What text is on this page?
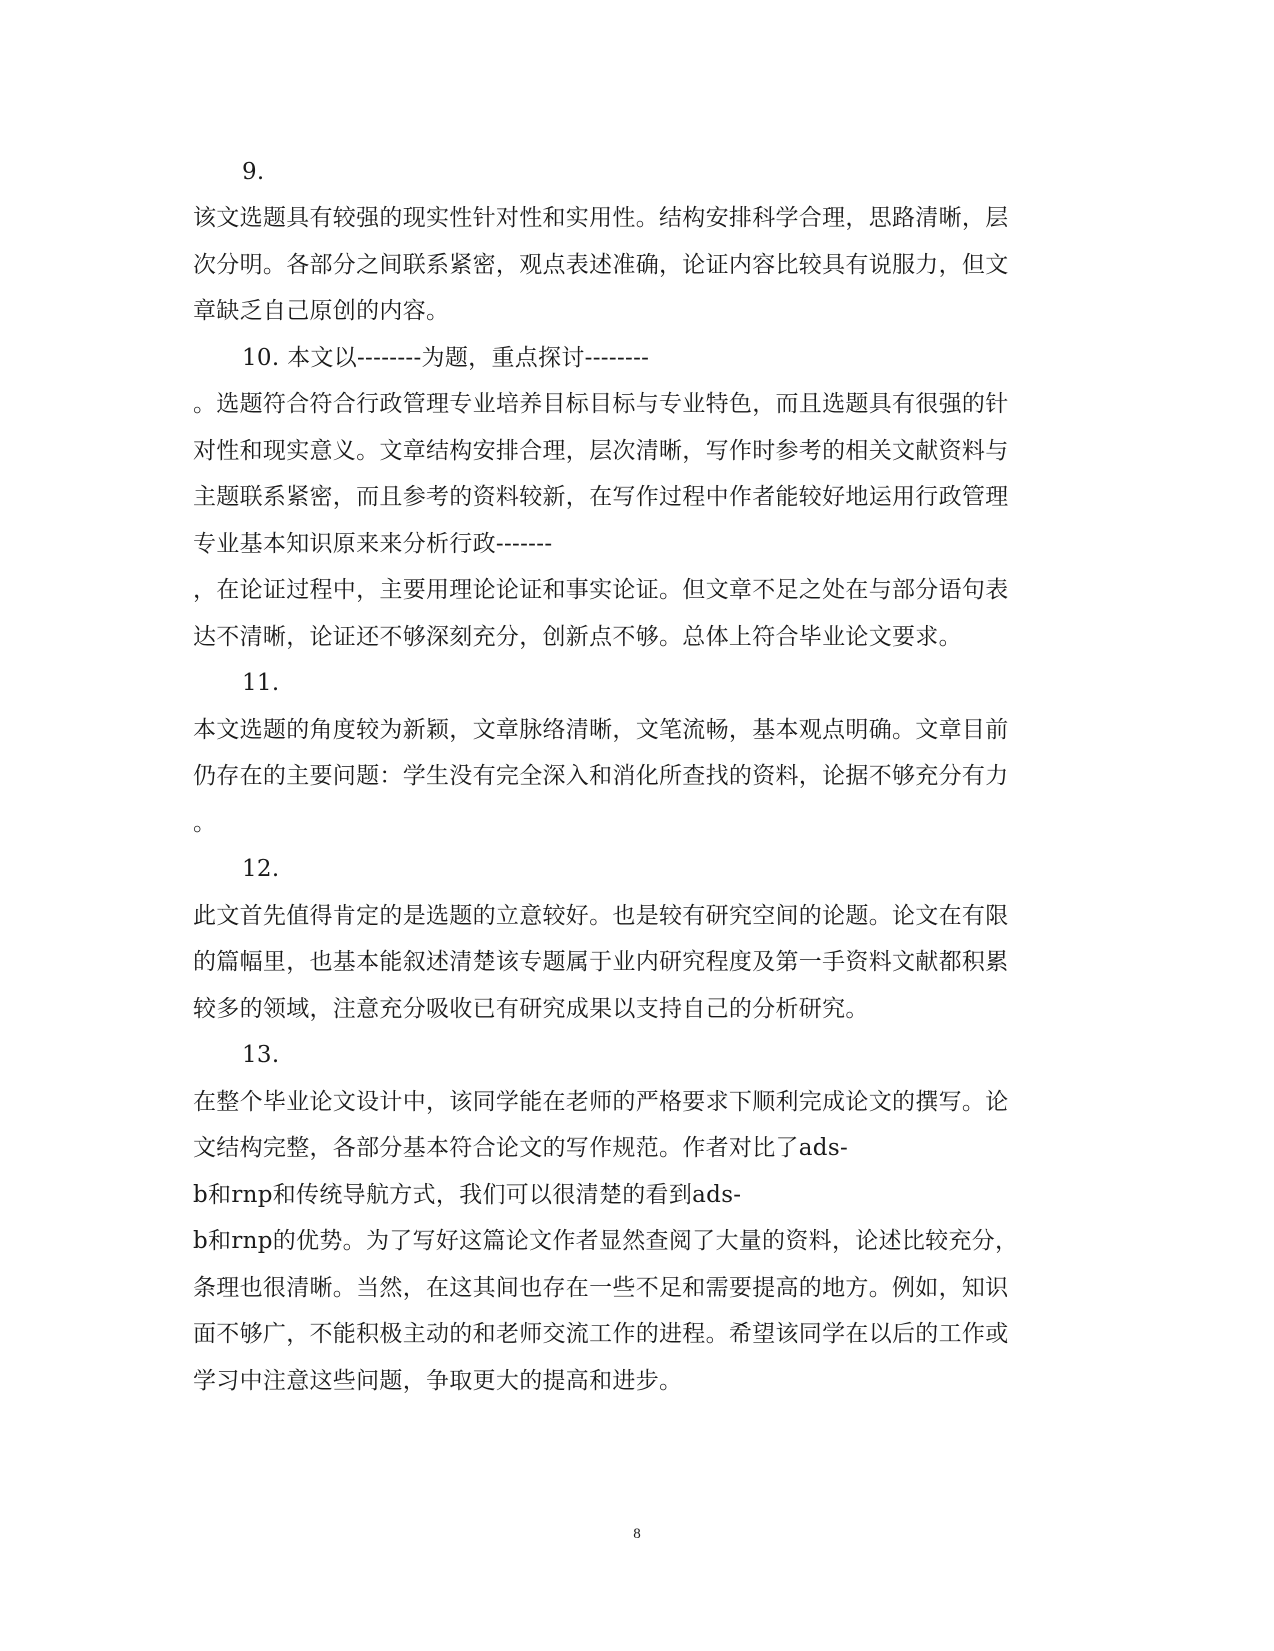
9.
该文选题具有较强的现实性针对性和实用性。结构安排科学合理，思路清晰，层
次分明。各部分之间联系紧密，观点表述准确，论证内容比较具有说服力，但文
章缺乏自己原创的内容。
10. 本文以--------为题，重点探讨--------
。选题符合符合行政管理专业培养目标目标与专业特色，而且选题具有很强的针
对性和现实意义。文章结构安排合理，层次清晰，写作时参考的相关文献资料与
主题联系紧密，而且参考的资料较新，在写作过程中作者能较好地运用行政管理
专业基本知识原来来分析行政-------
，在论证过程中，主要用理论论证和事实论证。但文章不足之处在与部分语句表
达不清晰，论证还不够深刻充分，创新点不够。总体上符合毕业论文要求。
11.
本文选题的角度较为新颖，文章脉络清晰，文笔流畅，基本观点明确。文章目前
仍存在的主要问题：学生没有完全深入和消化所查找的资料，论据不够充分有力
。
12.
此文首先值得肯定的是选题的立意较好。也是较有研究空间的论题。论文在有限
的篇幅里，也基本能叙述清楚该专题属于业内研究程度及第一手资料文献都积累
较多的领域，注意充分吸收已有研究成果以支持自己的分析研究。
13.
在整个毕业论文设计中，该同学能在老师的严格要求下顺利完成论文的撰写。论
文结构完整，各部分基本符合论文的写作规范。作者对比了ads-
b和rnp和传统导航方式，我们可以很清楚的看到ads-
b和rnp的优势。为了写好这篇论文作者显然查阅了大量的资料，论述比较充分，
条理也很清晰。当然，在这其间也存在一些不足和需要提高的地方。例如，知识
面不够广，不能积极主动的和老师交流工作的进程。希望该同学在以后的工作或
学习中注意这些问题，争取更大的提高和进步。
8
